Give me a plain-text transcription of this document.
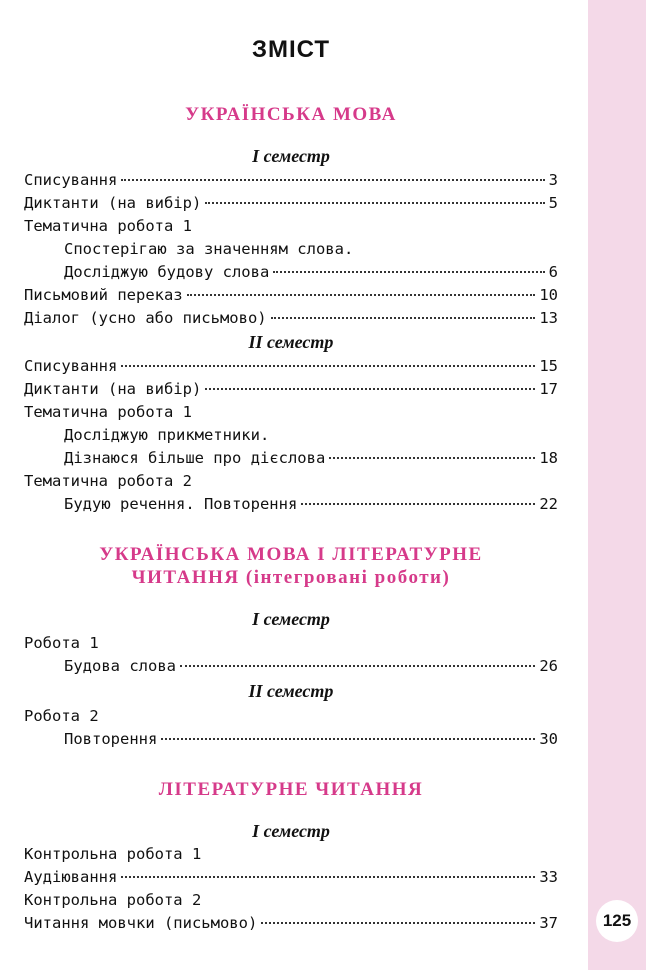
125
ЗМІСТ
УКРАЇНСЬКА МОВА
І семестр
Списування	3
Диктанти (на вибір)	5
Тематична робота 1
Спостерігаю за значенням слова.
Досліджую будову слова	6
Письмовий переказ	10
Діалог (усно або письмово)	13
ІІ семестр
Списування	15
Диктанти (на вибір)	17
Тематична робота 1
Досліджую прикметники.
Дізнаюся більше про дієслова	18
Тематична робота 2
Будую речення. Повторення	22
УКРАЇНСЬКА МОВА І ЛІТЕРАТУРНЕ
ЧИТАННЯ (інтегровані роботи)
І семестр
Робота 1
Будова слова	26
ІІ семестр
Робота 2
Повторення	30
ЛІТЕРАТУРНЕ ЧИТАННЯ
І семестр
Контрольна робота 1
Аудіювання	33
Контрольна робота 2
Читання мовчки (письмово)	37
